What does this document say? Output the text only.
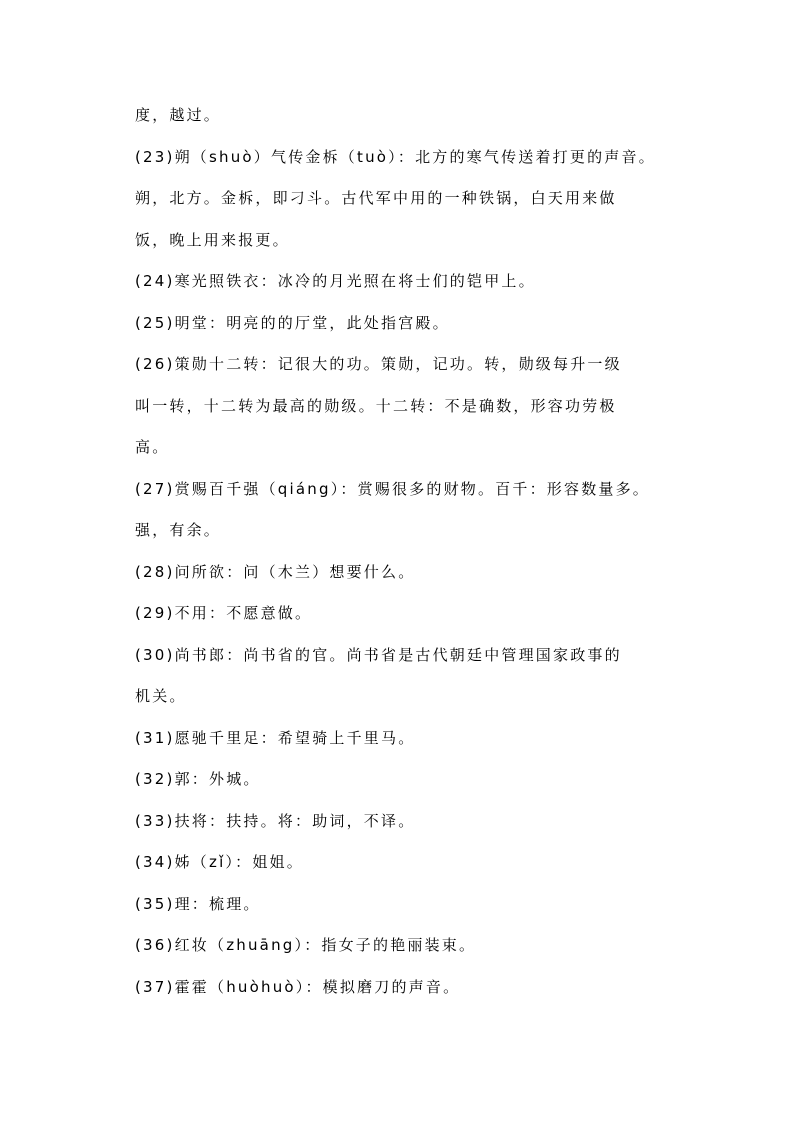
度，越过。
(23)朔（shuò）气传金柝（tuò）：北方的寒气传送着打更的声音。
朔，北方。金柝，即刁斗。古代军中用的一种铁锅，白天用来做
饭，晚上用来报更。
(24)寒光照铁衣：冰冷的月光照在将士们的铠甲上。
(25)明堂：明亮的的厅堂，此处指宫殿。
(26)策勋十二转：记很大的功。策勋，记功。转，勋级每升一级
叫一转，十二转为最高的勋级。十二转：不是确数，形容功劳极
高。
(27)赏赐百千强（qiáng）：赏赐很多的财物。百千：形容数量多。
强，有余。
(28)问所欲：问（木兰）想要什么。
(29)不用：不愿意做。
(30)尚书郎：尚书省的官。尚书省是古代朝廷中管理国家政事的
机关。
(31)愿驰千里足：希望骑上千里马。
(32)郭：外城。
(33)扶将：扶持。将：助词，不译。
(34)姊（zǐ）：姐姐。
(35)理：梳理。
(36)红妆（zhuāng）：指女子的艳丽装束。
(37)霍霍（huòhuò）：模拟磨刀的声音。
